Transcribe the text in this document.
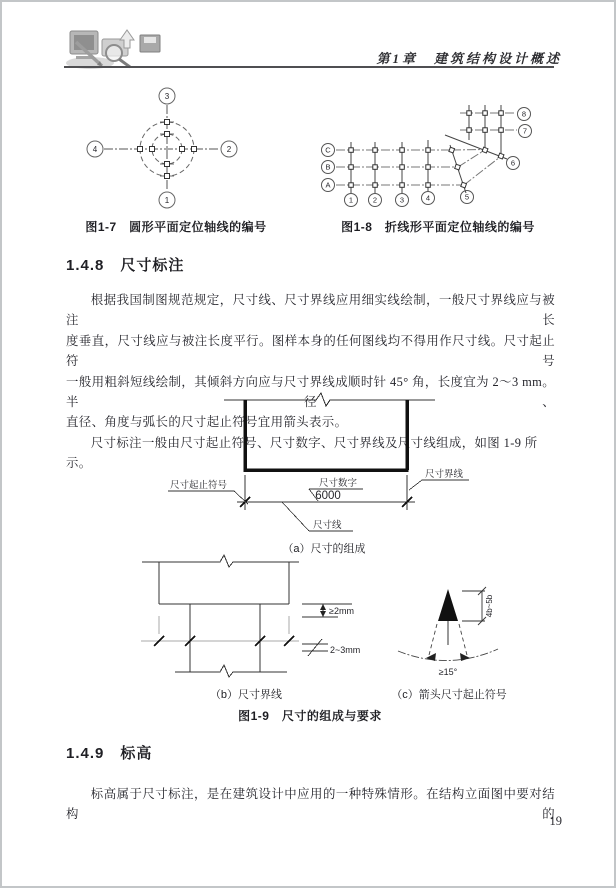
第1章　建筑结构设计概述
3
1
4	2
图1-7　圆形平面定位轴线的编号
C
B
A
1	2	3	4	5
6
7
8
图1-8　折线形平面定位轴线的编号
1.4.8　尺寸标注
根据我国制图规范规定，尺寸线、尺寸界线应用细实线绘制，一般尺寸界线应与被注长
度垂直，尺寸线应与被注长度平行。图样本身的任何图线均不得用作尺寸线。尺寸起止符号
一般用粗斜短线绘制，其倾斜方向应与尺寸界线成顺时针 45° 角，长度宜为 2～3 mm。半径、
直径、角度与弧长的尺寸起止符号宜用箭头表示。
尺寸标注一般由尺寸起止符号、尺寸数字、尺寸界线及尺寸线组成，如图 1-9 所示。
尺寸起止符号	尺寸数字
6000
尺寸界线
尺寸线
（a）尺寸的组成
≥2mm
2~3mm
（b）尺寸界线
4b~5b
≥15°
（c）箭头尺寸起止符号
图1-9　尺寸的组成与要求
1.4.9　标高
标高属于尺寸标注，是在建筑设计中应用的一种特殊情形。在结构立面图中要对结构的
19
